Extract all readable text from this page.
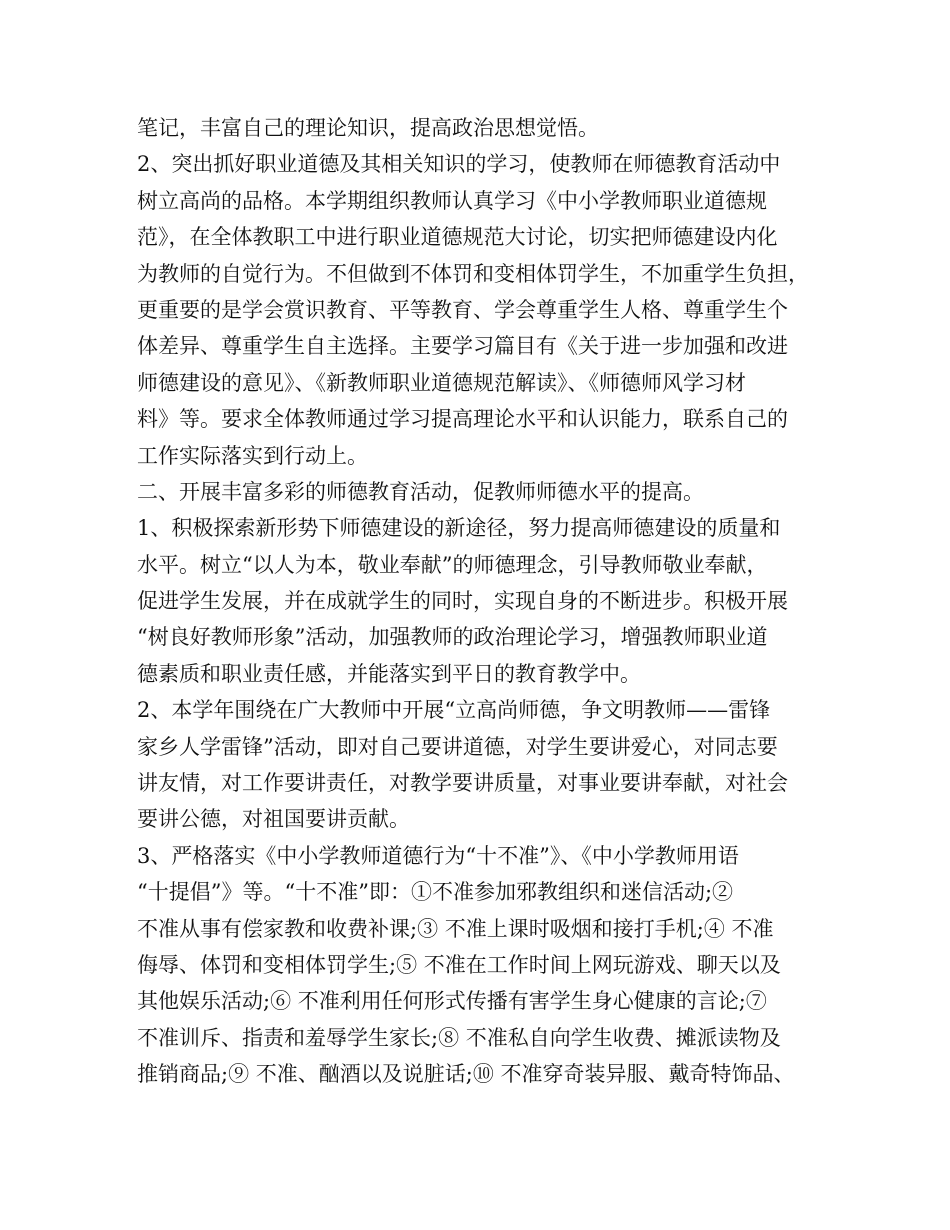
笔记，丰富自己的理论知识，提高政治思想觉悟。
2、突出抓好职业道德及其相关知识的学习，使教师在师德教育活动中
树立高尚的品格。本学期组织教师认真学习《中小学教师职业道德规
范》，在全体教职工中进行职业道德规范大讨论，切实把师德建设内化
为教师的自觉行为。不但做到不体罚和变相体罚学生，不加重学生负担，
更重要的是学会赏识教育、平等教育、学会尊重学生人格、尊重学生个
体差异、尊重学生自主选择。主要学习篇目有《关于进一步加强和改进
师德建设的意见》、《新教师职业道德规范解读》、《师德师风学习材
料》等。要求全体教师通过学习提高理论水平和认识能力，联系自己的
工作实际落实到行动上。
二、开展丰富多彩的师德教育活动，促教师师德水平的提高。
1、积极探索新形势下师德建设的新途径，努力提高师德建设的质量和
水平。树立“以人为本，敬业奉献”的师德理念，引导教师敬业奉献，
促进学生发展，并在成就学生的同时，实现自身的不断进步。积极开展
“树良好教师形象”活动，加强教师的政治理论学习，增强教师职业道
德素质和职业责任感，并能落实到平日的教育教学中。
2、本学年围绕在广大教师中开展“立高尚师德，争文明教师——雷锋
家乡人学雷锋”活动，即对自己要讲道德，对学生要讲爱心，对同志要
讲友情，对工作要讲责任，对教学要讲质量，对事业要讲奉献，对社会
要讲公德，对祖国要讲贡献。
3、严格落实《中小学教师道德行为“十不准”》、《中小学教师用语
“十提倡”》等。“十不准”即：①不准参加邪教组织和迷信活动;②
不准从事有偿家教和收费补课;③ 不准上课时吸烟和接打手机;④ 不准
侮辱、体罚和变相体罚学生;⑤ 不准在工作时间上网玩游戏、聊天以及
其他娱乐活动;⑥ 不准利用任何形式传播有害学生身心健康的言论;⑦
不准训斥、指责和羞辱学生家长;⑧ 不准私自向学生收费、摊派读物及
推销商品;⑨ 不准、酗酒以及说脏话;⑩ 不准穿奇装异服、戴奇特饰品、
